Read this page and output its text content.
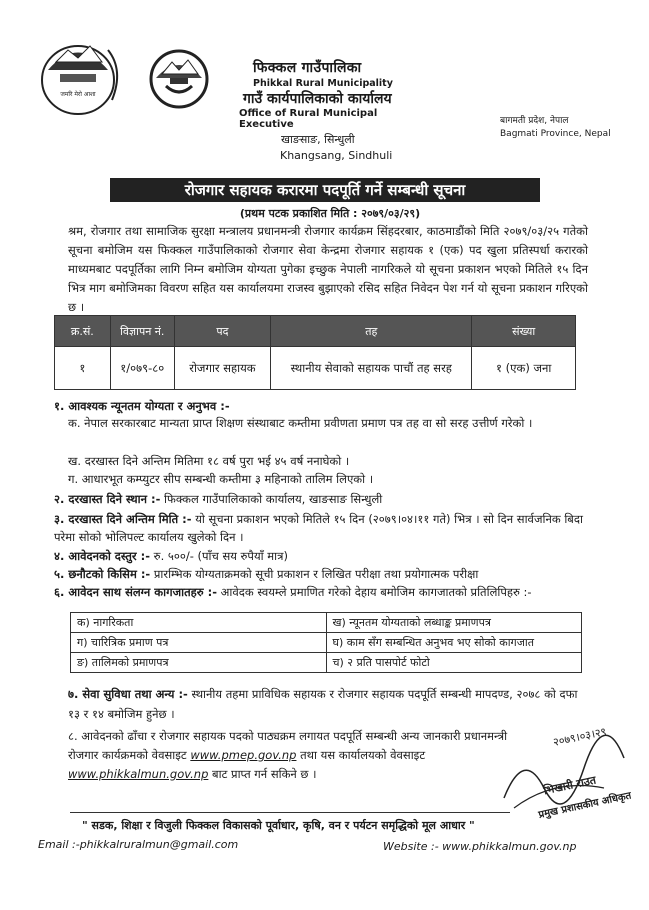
जमरि मेरो आशा
फिक्कल गाउँपालिका
Phikkal Rural Municipality
गाउँ कार्यपालिकाको कार्यालय
Office of Rural Municipal Executive
खाङसाङ, सिन्धुली
Khangsang, Sindhuli
बागमती प्रदेश, नेपाल
Bagmati Province, Nepal
रोजगार सहायक करारमा पदपूर्ति गर्ने सम्बन्धी सूचना
(प्रथम पटक प्रकाशित मिति : २०७९/०३/२९)
श्रम, रोजगार तथा सामाजिक सुरक्षा मन्त्रालय प्रधानमन्त्री रोजगार कार्यक्रम सिंहदरबार, काठमाडौंको मिति २०७९/०३/२५ गतेको सूचना बमोजिम यस फिक्कल गाउँपालिकाको रोजगार सेवा केन्द्रमा रोजगार सहायक १ (एक) पद खुला प्रतिस्पर्धा करारको माध्यमबाट पदपूर्तिका लागि निम्न बमोजिम योग्यता पुगेका इच्छुक नेपाली नागरिकले यो सूचना प्रकाशन भएको मितिले १५ दिन भित्र माग बमोजिमका विवरण सहित यस कार्यालयमा राजस्व बुझाएको रसिद सहित निवेदन पेश गर्न यो सूचना प्रकाशन गरिएको छ ।
क्र.सं.	विज्ञापन नं.	पद	तह	संख्या
१	१/०७९-८०	रोजगार सहायक	स्थानीय सेवाको सहायक पाचौं तह सरह	१ (एक) जना
१. आवश्यक न्यूनतम योग्यता र अनुभव :-
क. नेपाल सरकारबाट मान्यता प्राप्त शिक्षण संस्थाबाट कम्तीमा प्रवीणता प्रमाण पत्र तह वा सो सरह उत्तीर्ण गरेको ।
ख. दरखास्त दिने अन्तिम मितिमा १८ वर्ष पुरा भई ४५ वर्ष ननाघेको ।
ग. आधारभूत कम्प्युटर सीप सम्बन्धी कम्तीमा ३ महिनाको तालिम लिएको ।
२. दरखास्त दिने स्थान :- फिक्कल गाउँपालिकाको कार्यालय, खाङसाङ सिन्धुली
३. दरखास्त दिने अन्तिम मिति :- यो सूचना प्रकाशन भएको मितिले १५ दिन (२०७९।०४।११ गते) भित्र । सो दिन सार्वजनिक बिदा परेमा सोको भोलिपल्ट कार्यालय खुलेको दिन ।
४. आवेदनको दस्तुर :- रु. ५००/- (पाँच सय रुपैयाँ मात्र)
५. छनौटको किसिम :- प्रारम्भिक योग्यताक्रमको सूची प्रकाशन र लिखित परीक्षा तथा प्रयोगात्मक परीक्षा
६. आवेदन साथ संलग्न कागजातहरु :- आवेदक स्वयम्ले प्रमाणित गरेको देहाय बमोजिम कागजातको प्रतिलिपिहरु :-
क) नागरिकता	ख) न्यूनतम योग्यताको लब्धाङ्क प्रमाणपत्र
ग) चारित्रिक प्रमाण पत्र	घ) काम सँग सम्बन्धित अनुभव भए सोको कागजात
ङ) तालिमको प्रमाणपत्र	च) २ प्रति पासपोर्ट फोटो
७. सेवा सुविधा तथा अन्य :- स्थानीय तहमा प्राविधिक सहायक र रोजगार सहायक पदपूर्ति सम्बन्धी मापदण्ड, २०७८ को दफा १३ र १४ बमोजिम हुनेछ ।
८. आवेदनको ढाँचा र रोजगार सहायक पदको पाठ्यक्रम लगायत पदपूर्ति सम्बन्धी अन्य जानकारी प्रधानमन्त्री रोजगार कार्यक्रमको वेवसाइट www.pmep.gov.np तथा यस कार्यालयको वेवसाइट www.phikkalmun.gov.np बाट प्राप्त गर्न सकिने छ ।
२०७९।०३।२९
भिखारी राउत
प्रमुख प्रशासकीय अधिकृत
" सडक, शिक्षा र विजुली फिक्कल विकासको पूर्वाधार, कृषि, वन र पर्यटन समृद्धिको मूल आधार "
Email :-phikkalruralmun@gmail.com	Website :- www.phikkalmun.gov.np
